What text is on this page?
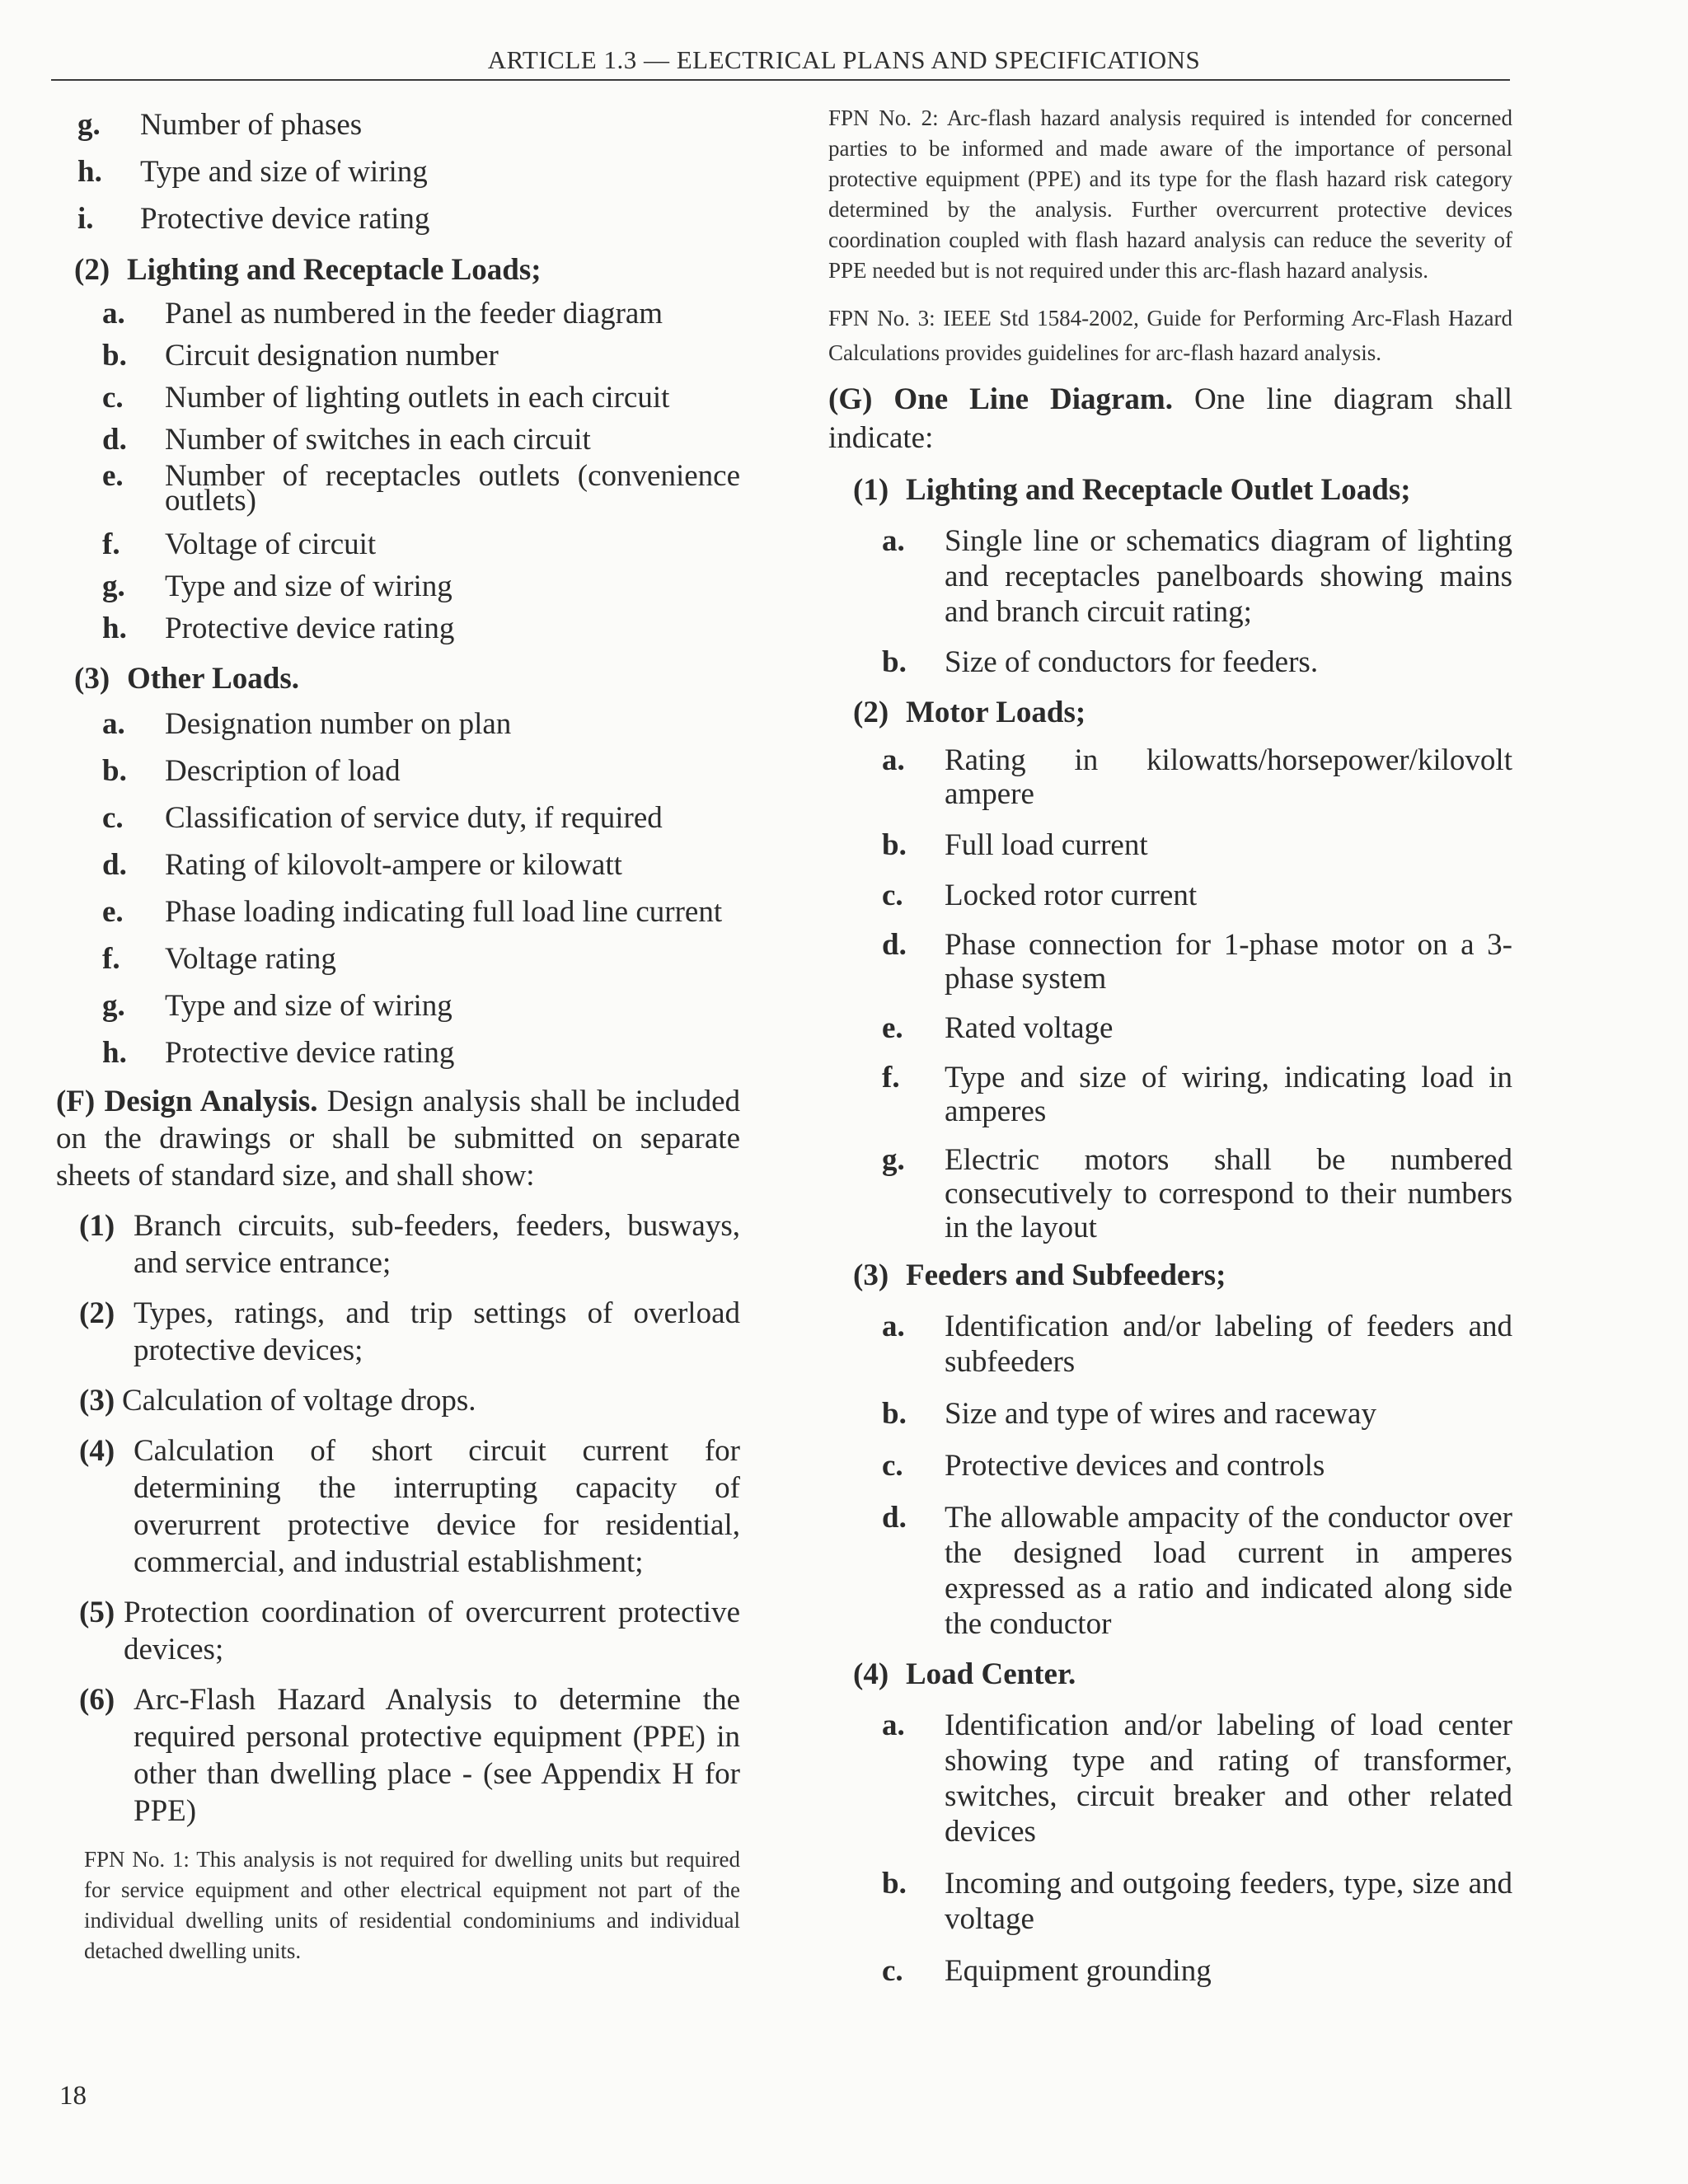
ARTICLE 1.3 — ELECTRICAL PLANS AND SPECIFICATIONS
g.	Number of phases
h.	Type and size of wiring
i.	Protective device rating
(2) Lighting and Receptacle Loads;
a.	Panel as numbered in the feeder diagram
b.	Circuit designation number
c.	Number of lighting outlets in each circuit
d.	Number of switches in each circuit
e.	Number of receptacles outlets (convenience outlets)
f.	Voltage of circuit
g.	Type and size of wiring
h.	Protective device rating
(3) Other Loads.
a.	Designation number on plan
b.	Description of load
c.	Classification of service duty, if required
d.	Rating of kilovolt-ampere or kilowatt
e.	Phase loading indicating full load line current
f.	Voltage rating
g.	Type and size of wiring
h.	Protective device rating
(F) Design Analysis. Design analysis shall be included on the drawings or shall be submitted on separate sheets of standard size, and shall show:
(1) Branch circuits, sub-feeders, feeders, busways, and service entrance;
(2) Types, ratings, and trip settings of overload protective devices;
(3) Calculation of voltage drops.
(4) Calculation of short circuit current for determining the interrupting capacity of overurrent protective device for residential, commercial, and industrial establishment;
(5) Protection coordination of overcurrent protective devices;
(6) Arc-Flash Hazard Analysis to determine the required personal protective equipment (PPE) in other than dwelling place - (see Appendix H for PPE)
FPN No. 1: This analysis is not required for dwelling units but required for service equipment and other electrical equipment not part of the individual dwelling units of residential condominiums and individual detached dwelling units.
FPN No. 2: Arc-flash hazard analysis required is intended for concerned parties to be informed and made aware of the importance of personal protective equipment (PPE) and its type for the flash hazard risk category determined by the analysis. Further overcurrent protective devices coordination coupled with flash hazard analysis can reduce the severity of PPE needed but is not required under this arc-flash hazard analysis.
FPN No. 3: IEEE Std 1584-2002, Guide for Performing Arc-Flash Hazard Calculations provides guidelines for arc-flash hazard analysis.
(G) One Line Diagram. One line diagram shall indicate:
(1) Lighting and Receptacle Outlet Loads;
a.	Single line or schematics diagram of lighting and receptacles panelboards showing mains and branch circuit rating;
b.	Size of conductors for feeders.
(2) Motor Loads;
a.	Rating in kilowatts/horsepower/kilovolt ampere
b.	Full load current
c.	Locked rotor current
d.	Phase connection for 1-phase motor on a 3-phase system
e.	Rated voltage
f.	Type and size of wiring, indicating load in amperes
g.	Electric motors shall be numbered consecutively to correspond to their numbers in the layout
(3) Feeders and Subfeeders;
a.	Identification and/or labeling of feeders and subfeeders
b.	Size and type of wires and raceway
c.	Protective devices and controls
d.	The allowable ampacity of the conductor over the designed load current in amperes expressed as a ratio and indicated along side the conductor
(4) Load Center.
a.	Identification and/or labeling of load center showing type and rating of transformer, switches, circuit breaker and other related devices
b.	Incoming and outgoing feeders, type, size and voltage
c.	Equipment grounding
18
